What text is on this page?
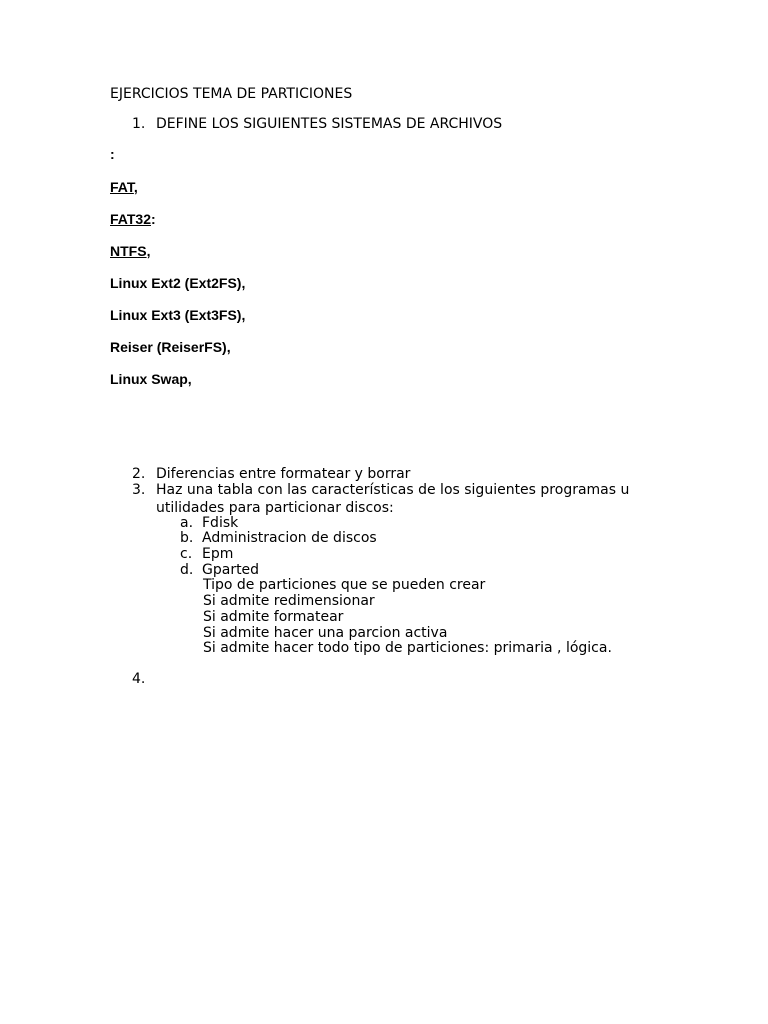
EJERCICIOS TEMA DE PARTICIONES
1. DEFINE LOS SIGUIENTES SISTEMAS DE ARCHIVOS
:
FAT,
FAT32:
NTFS,
Linux Ext2 (Ext2FS),
Linux Ext3 (Ext3FS),
Reiser (ReiserFS),
Linux Swap,
2. Diferencias entre formatear y borrar
3. Haz una tabla con las características de los siguientes programas u
utilidades para particionar discos:
a. Fdisk
b. Administracion de discos
c. Epm
d. Gparted
Tipo de particiones que se pueden crear
Si admite redimensionar
Si admite formatear
Si admite hacer una parcion activa
Si admite hacer todo tipo de particiones: primaria , lógica.
4.
